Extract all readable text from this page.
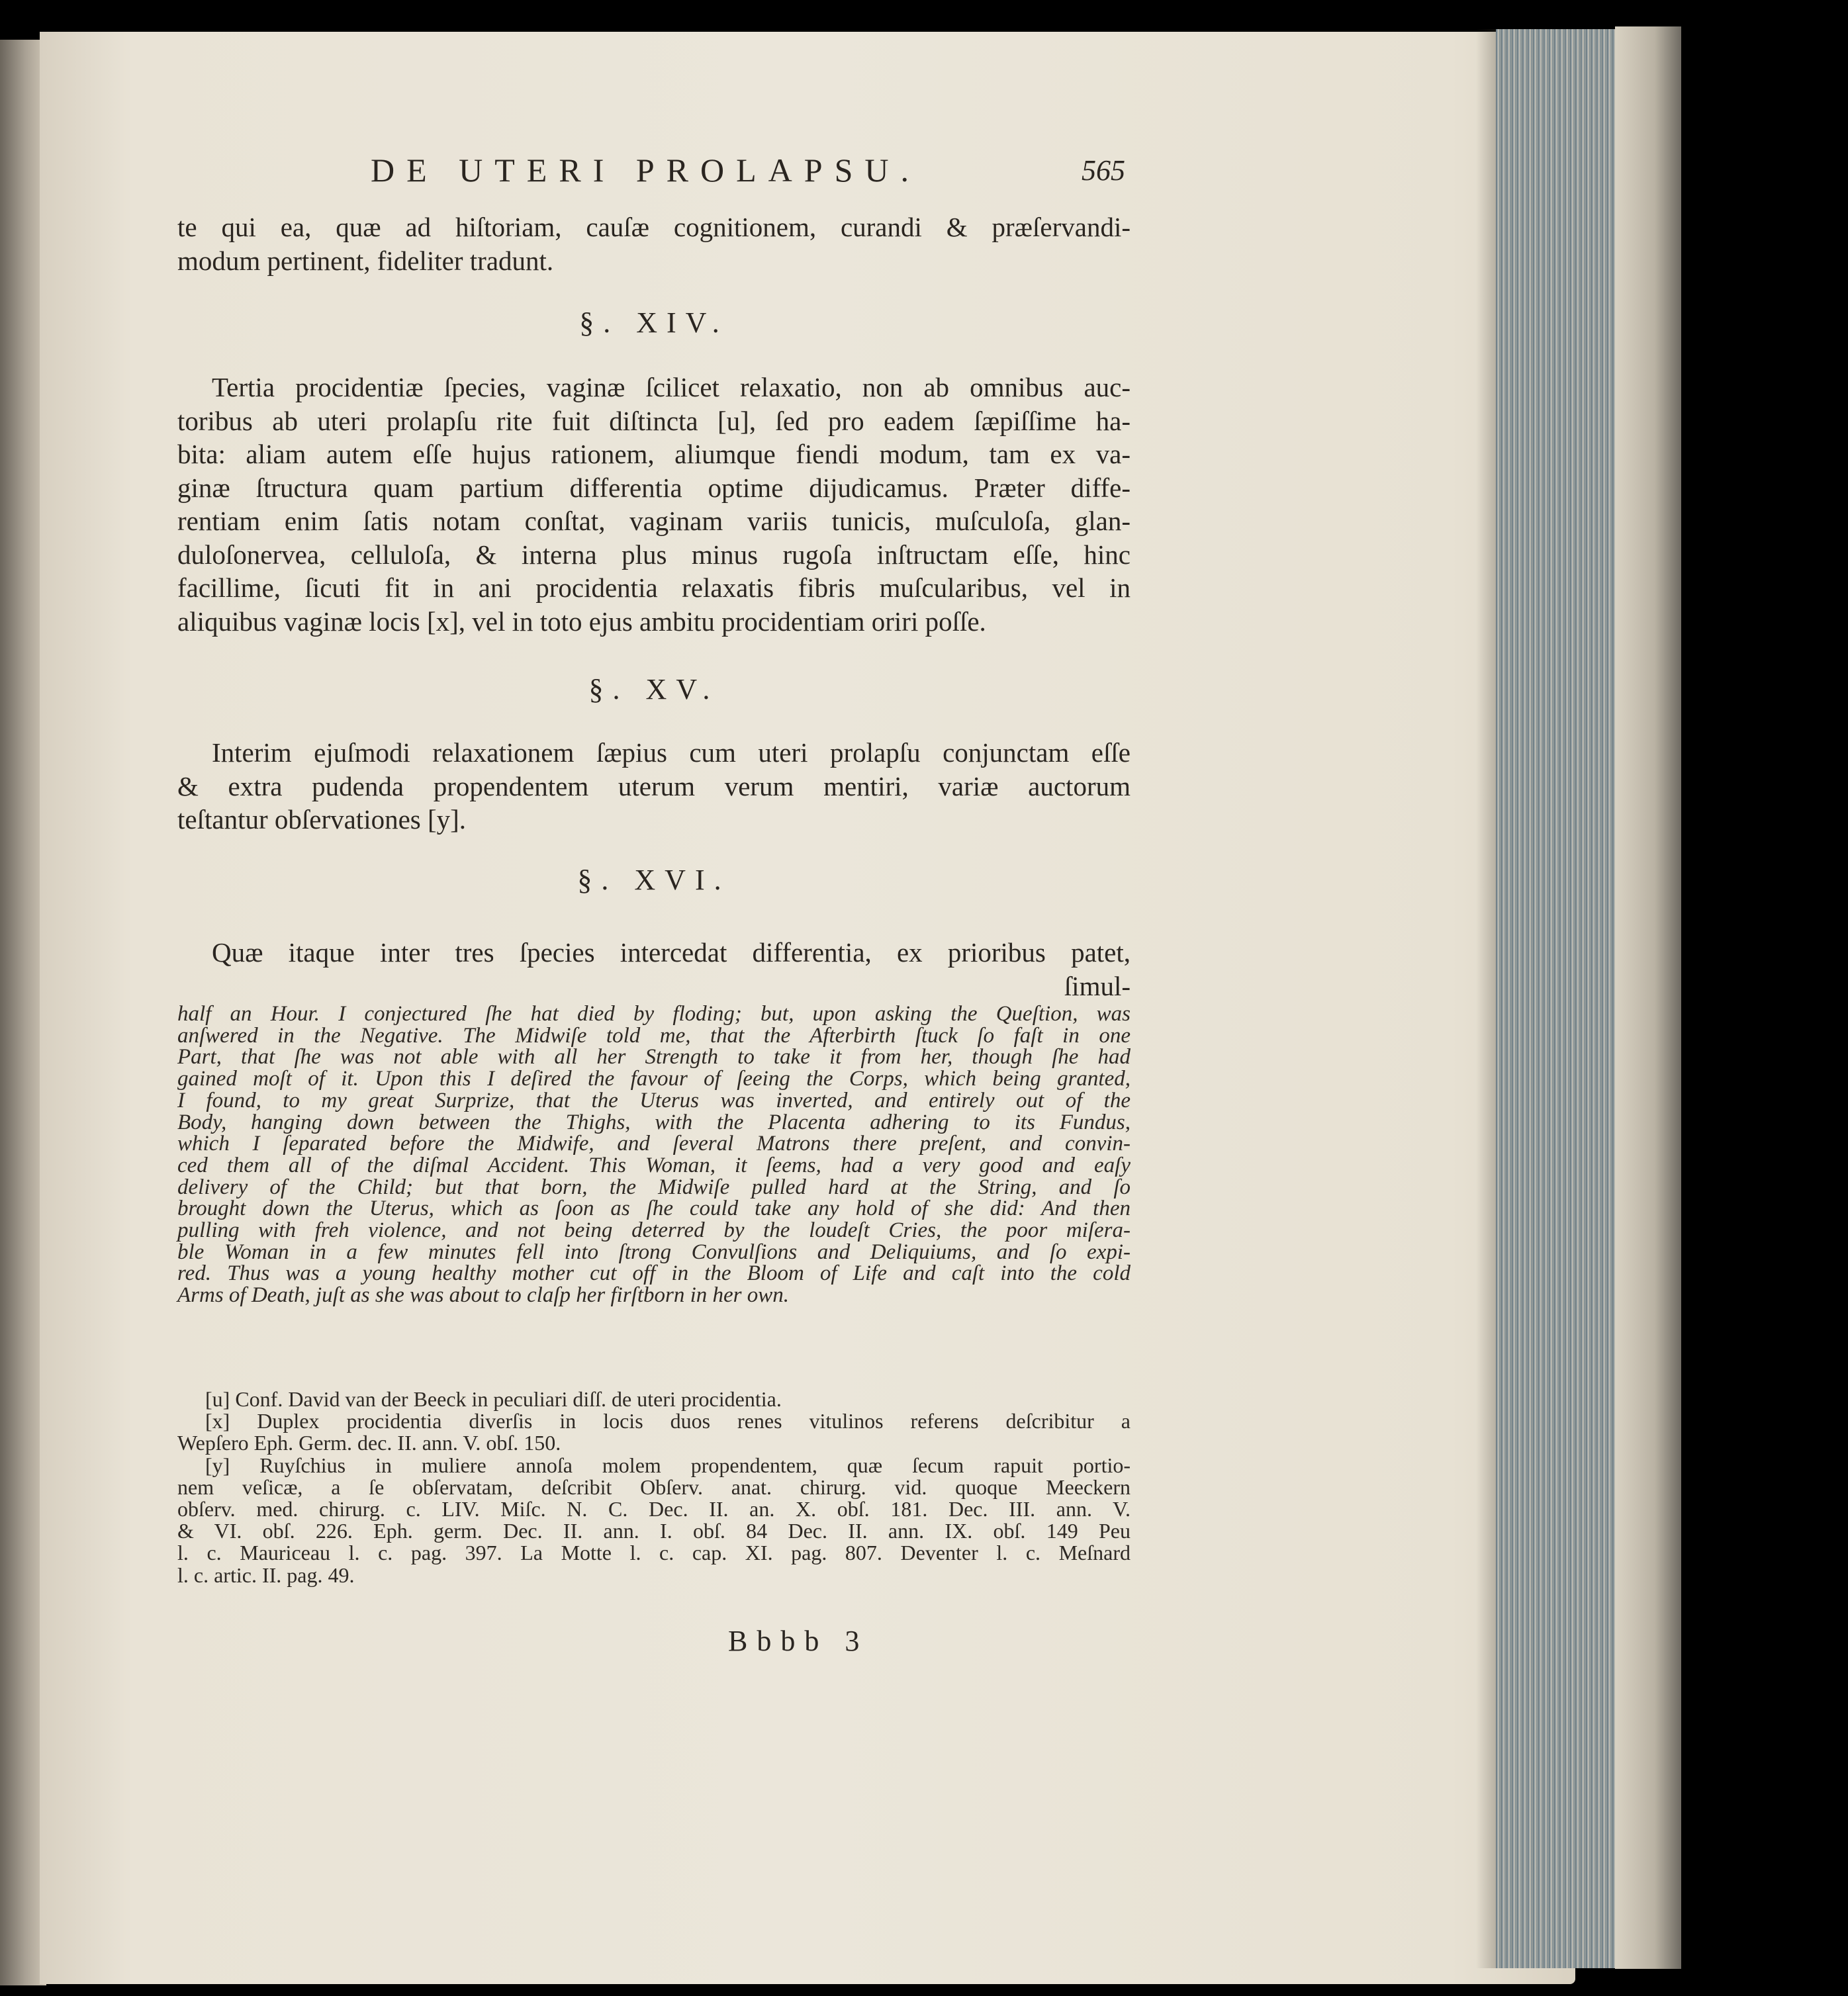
DE UTERI PROLAPSU.	565
te qui ea, quæ ad hiſtoriam, cauſæ cognitionem, curandi & præſervandi-
modum pertinent, fideliter tradunt.
§. XIV.
Tertia procidentiæ ſpecies, vaginæ ſcilicet relaxatio, non ab omnibus auc-
toribus ab uteri prolapſu rite fuit diſtincta [u], ſed pro eadem ſæpiſſime ha-
bita: aliam autem eſſe hujus rationem, aliumque fiendi modum, tam ex va-
ginæ ſtructura quam partium differentia optime dijudicamus. Præter diffe-
rentiam enim ſatis notam conſtat, vaginam variis tunicis, muſculoſa, glan-
duloſonervea, celluloſa, & interna plus minus rugoſa inſtructam eſſe, hinc
facillime, ſicuti fit in ani procidentia relaxatis fibris muſcularibus, vel in
aliquibus vaginæ locis [x], vel in toto ejus ambitu procidentiam oriri poſſe.
§. XV.
Interim ejuſmodi relaxationem ſæpius cum uteri prolapſu conjunctam eſſe
& extra pudenda propendentem uterum verum mentiri, variæ auctorum
teſtantur obſervationes [y].
§. XVI.
Quæ itaque inter tres ſpecies intercedat differentia, ex prioribus patet,
ſimul-
half an Hour. I conjectured ſhe hat died by floding; but, upon asking the Queſtion, was
anſwered in the Negative. The Midwiſe told me, that the Afterbirth ſtuck ſo faſt in one
Part, that ſhe was not able with all her Strength to take it from her, though ſhe had
gained moſt of it. Upon this I deſired the favour of ſeeing the Corps, which being granted,
I found, to my great Surprize, that the Uterus was inverted, and entirely out of the
Body, hanging down between the Thighs, with the Placenta adhering to its Fundus,
which I ſeparated before the Midwife, and ſeveral Matrons there preſent, and convin-
ced them all of the diſmal Accident. This Woman, it ſeems, had a very good and eaſy
delivery of the Child; but that born, the Midwiſe pulled hard at the String, and ſo
brought down the Uterus, which as ſoon as ſhe could take any hold of she did: And then
pulling with freh violence, and not being deterred by the loudeſt Cries, the poor miſera-
ble Woman in a few minutes fell into ſtrong Convulſions and Deliquiums, and ſo expi-
red. Thus was a young healthy mother cut off in the Bloom of Life and caſt into the cold
Arms of Death, juſt as she was about to claſp her firſtborn in her own.
[u] Conf. David van der Beeck in peculiari diſſ. de uteri procidentia.
[x] Duplex procidentia diverſis in locis duos renes vitulinos referens deſcribitur a
Wepſero Eph. Germ. dec. II. ann. V. obſ. 150.
[y] Ruyſchius in muliere annoſa molem propendentem, quæ ſecum rapuit portio-
nem veſicæ, a ſe obſervatam, deſcribit Obſerv. anat. chirurg. vid. quoque Meeckern
obſerv. med. chirurg. c. LIV. Miſc. N. C. Dec. II. an. X. obſ. 181. Dec. III. ann. V.
& VI. obſ. 226. Eph. germ. Dec. II. ann. I. obſ. 84 Dec. II. ann. IX. obſ. 149 Peu
l. c. Mauriceau l. c. pag. 397. La Motte l. c. cap. XI. pag. 807. Deventer l. c. Meſnard
l. c. artic. II. pag. 49.
Bbbb 3
